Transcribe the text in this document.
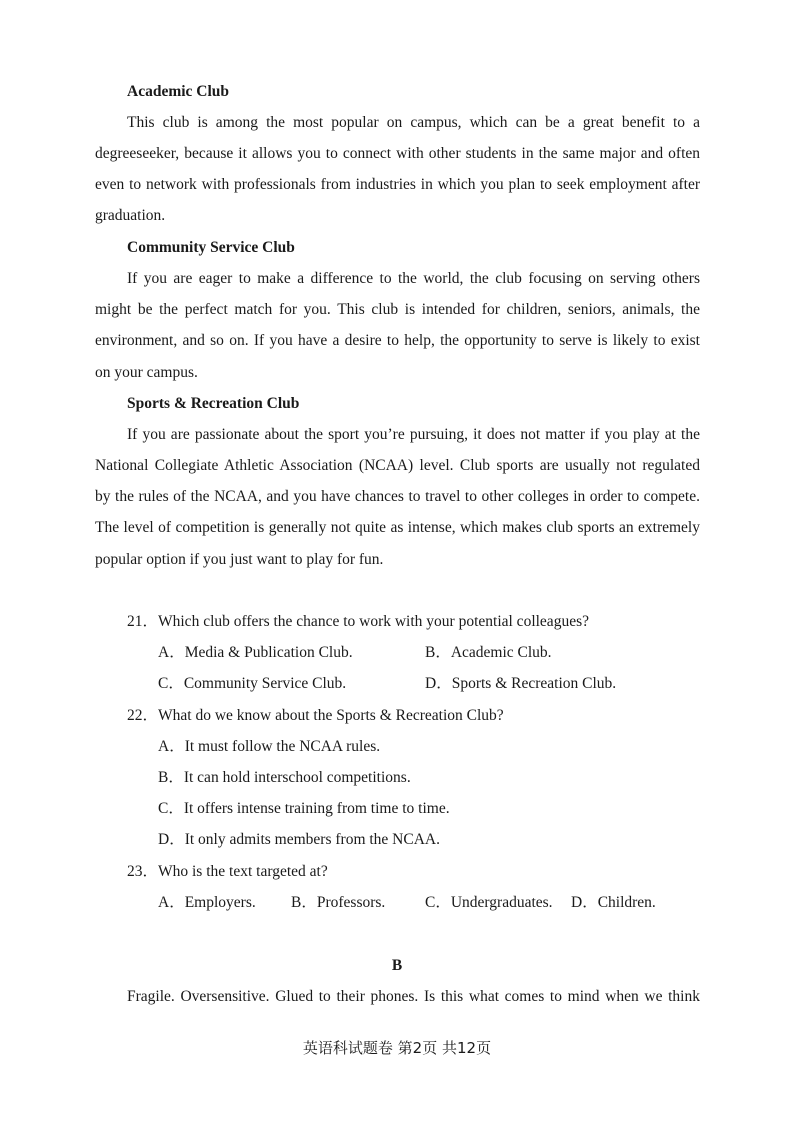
Academic Club
This club is among the most popular on campus, which can be a great benefit to a
degreeseeker, because it allows you to connect with other students in the same major and often
even to network with professionals from industries in which you plan to seek employment after
graduation.
Community Service Club
If you are eager to make a difference to the world, the club focusing on serving others
might be the perfect match for you. This club is intended for children, seniors, animals, the
environment, and so on. If you have a desire to help, the opportunity to serve is likely to exist
on your campus.
Sports & Recreation Club
If you are passionate about the sport you’re pursuing, it does not matter if you play at the
National Collegiate Athletic Association (NCAA) level. Club sports are usually not regulated
by the rules of the NCAA, and you have chances to travel to other colleges in order to compete.
The level of competition is generally not quite as intense, which makes club sports an extremely
popular option if you just want to play for fun.
21．Which club offers the chance to work with your potential colleagues?
A．Media & Publication Club.	B．Academic Club.
C．Community Service Club.	D．Sports & Recreation Club.
22．What do we know about the Sports & Recreation Club?
A．It must follow the NCAA rules.
B．It can hold interschool competitions.
C．It offers intense training from time to time.
D．It only admits members from the NCAA.
23．Who is the text targeted at?
A．Employers. B．Professors.	C．Undergraduates. D．Children.
B
Fragile. Oversensitive. Glued to their phones. Is this what comes to mind when we think
英语科试题卷 第2页 共12页
